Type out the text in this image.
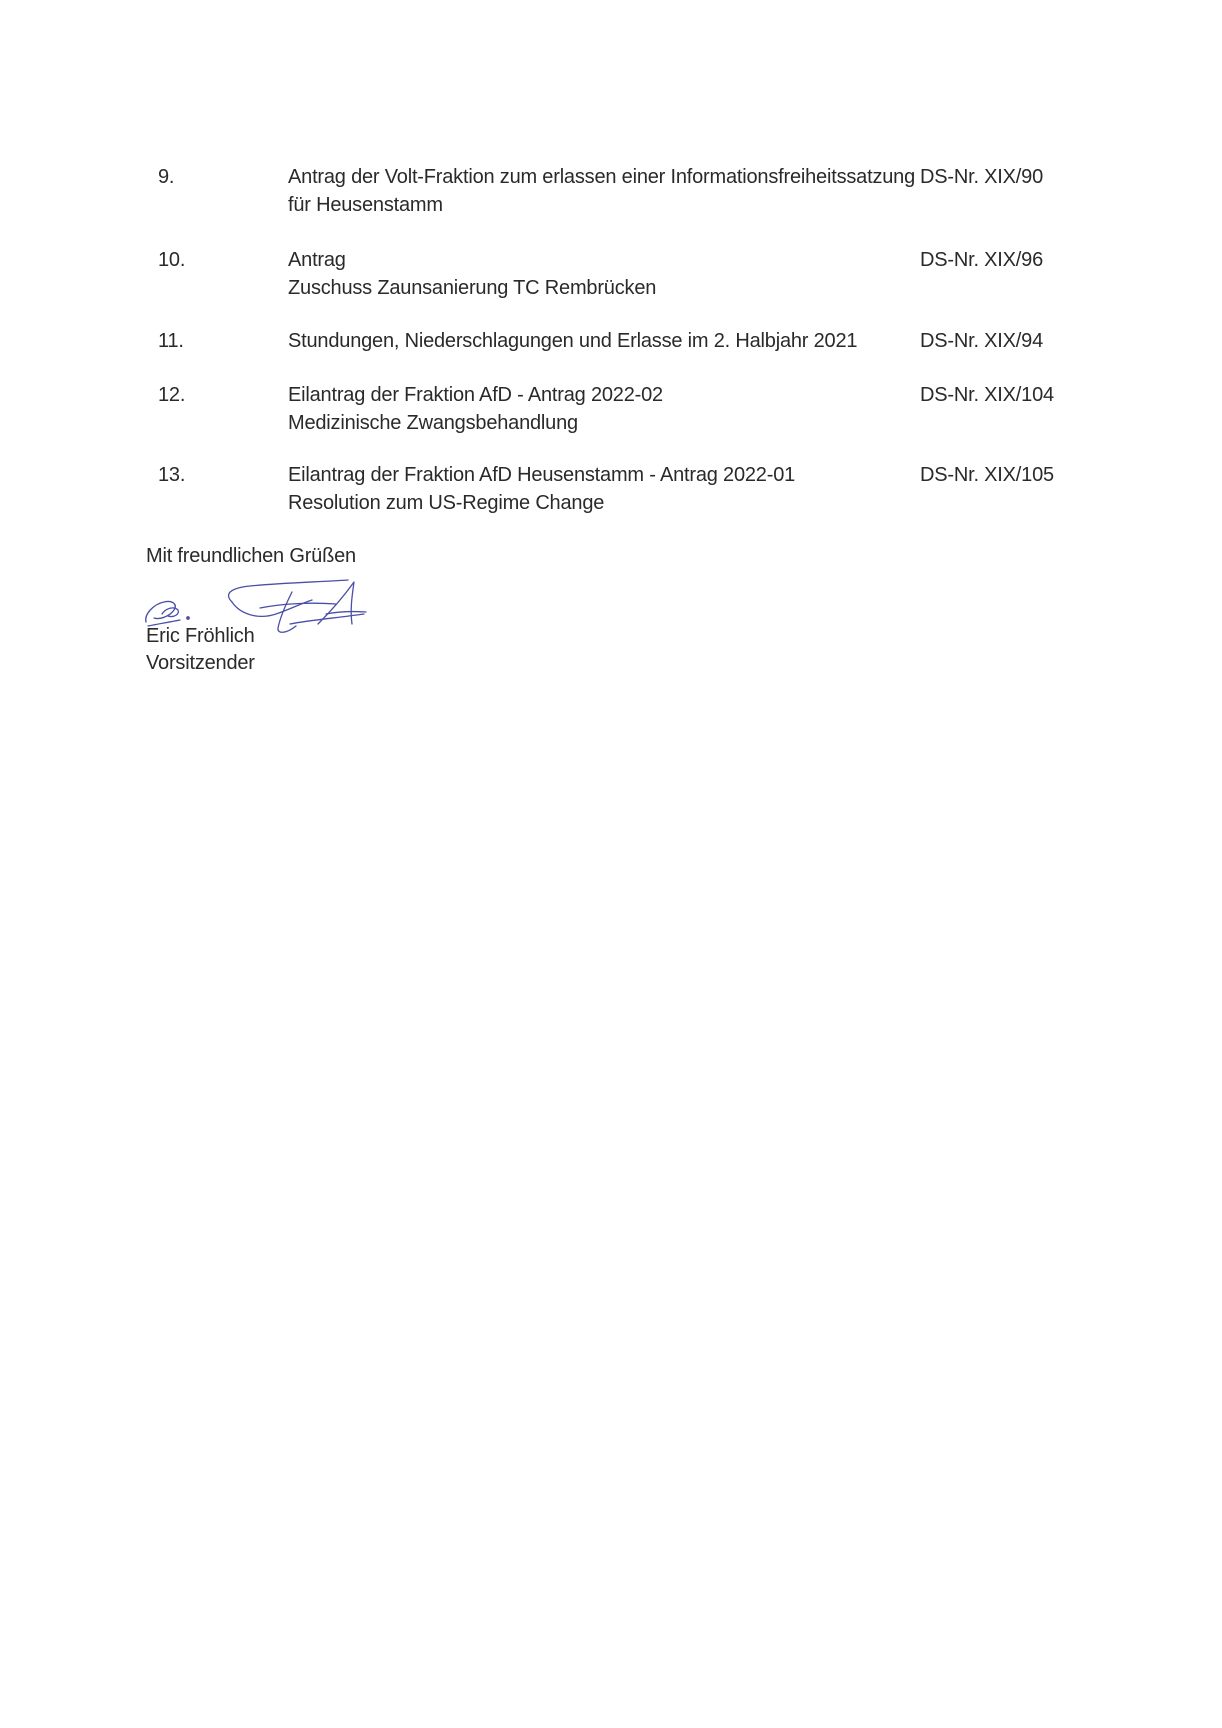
9.	Antrag der Volt-Fraktion zum erlassen einer Informationsfreiheitssatzung
für Heusenstamm
DS-Nr. XIX/90
10.	Antrag
Zuschuss Zaunsanierung TC Rembrücken
DS-Nr. XIX/96
11.	Stundungen, Niederschlagungen und Erlasse im 2. Halbjahr 2021	DS-Nr. XIX/94
12.	Eilantrag der Fraktion AfD - Antrag 2022-02
Medizinische Zwangsbehandlung
DS-Nr. XIX/104
13.	Eilantrag der Fraktion AfD Heusenstamm - Antrag 2022-01
Resolution zum US-Regime Change
DS-Nr. XIX/105
Mit freundlichen Grüßen
Eric Fröhlich
Vorsitzender
